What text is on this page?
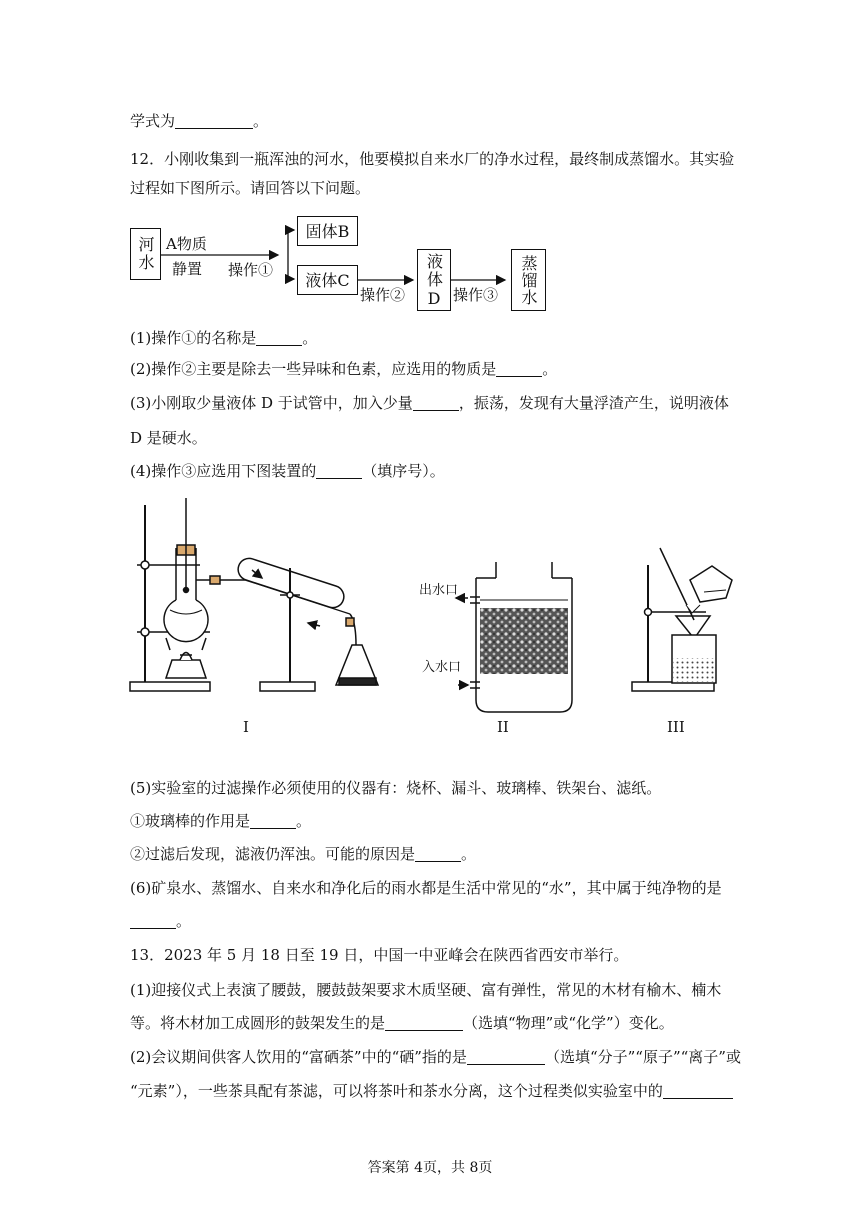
学式为	。
12．小刚收集到一瓶浑浊的河水，他要模拟自来水厂的净水过程，最终制成蒸馏水。其实验
过程如下图所示。请回答以下问题。
河水 A物质
静置 操作①
固体B
液体C
操作②
液体
D 操作③	蒸馏水
(1)操作①的名称是	。
(2)操作②主要是除去一些异味和色素，应选用的物质是	。
(3)小刚取少量液体 D 于试管中，加入少量	，振荡，发现有大量浮渣产生，说明液体
D 是硬水。
(4)操作③应选用下图装置的	（填序号）。
出水口
入水口
I	II	III
(5)实验室的过滤操作必须使用的仪器有：烧杯、漏斗、玻璃棒、铁架台、滤纸。
①玻璃棒的作用是	。
②过滤后发现，滤液仍浑浊。可能的原因是	。
(6)矿泉水、蒸馏水、自来水和净化后的雨水都是生活中常见的“水”，其中属于纯净物的是
。
13．2023 年 5 月 18 日至 19 日，中国一中亚峰会在陕西省西安市举行。
(1)迎接仪式上表演了腰鼓，腰鼓鼓架要求木质坚硬、富有弹性，常见的木材有榆木、楠木
等。将木材加工成圆形的鼓架发生的是	（选填“物理”或“化学”）变化。
(2)会议期间供客人饮用的“富硒茶”中的“硒”指的是	（选填“分子”“原子”“离子”或
“元素”），一些茶具配有茶滤，可以将茶叶和茶水分离，这个过程类似实验室中的
答案第 4页，共 8页
